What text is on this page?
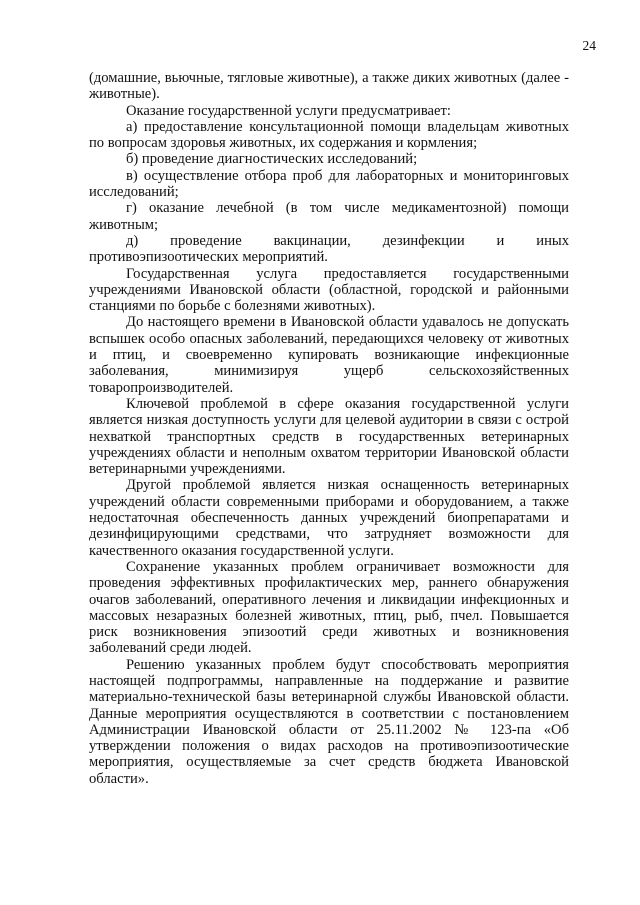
24

(домашние, вьючные, тягловые животные), а также диких животных (далее - животные).

Оказание государственной услуги предусматривает:

а) предоставление консультационной помощи владельцам животных по вопросам здоровья животных, их содержания и кормления;

б) проведение диагностических исследований;

в) осуществление отбора проб для лабораторных и мониторинговых исследований;

г) оказание лечебной (в том числе медикаментозной) помощи животным;

д) проведение вакцинации, дезинфекции и иных противоэпизоотических мероприятий.

Государственная услуга предоставляется государственными учреждениями Ивановской области (областной, городской и районными станциями по борьбе с болезнями животных).

До настоящего времени в Ивановской области удавалось не допускать вспышек особо опасных заболеваний, передающихся человеку от животных и птиц, и своевременно купировать возникающие инфекционные заболевания, минимизируя ущерб сельскохозяйственных товаропроизводителей.

Ключевой проблемой в сфере оказания государственной услуги является низкая доступность услуги для целевой аудитории в связи с острой нехваткой транспортных средств в государственных ветеринарных учреждениях области и неполным охватом территории Ивановской области ветеринарными учреждениями.

Другой проблемой является низкая оснащенность ветеринарных учреждений области современными приборами и оборудованием, а также недостаточная обеспеченность данных учреждений биопрепаратами и дезинфицирующими средствами, что затрудняет возможности для качественного оказания государственной услуги.

Сохранение указанных проблем ограничивает возможности для проведения эффективных профилактических мер, раннего обнаружения очагов заболеваний, оперативного лечения и ликвидации инфекционных и массовых незаразных болезней животных, птиц, рыб, пчел. Повышается риск возникновения эпизоотий среди животных и возникновения заболеваний среди людей.

Решению указанных проблем будут способствовать мероприятия настоящей подпрограммы, направленные на поддержание и развитие материально-технической базы ветеринарной службы Ивановской области. Данные мероприятия осуществляются в соответствии с постановлением Администрации Ивановской области от 25.11.2002 № 123-па «Об утверждении положения о видах расходов на противоэпизоотические мероприятия, осуществляемые за счет средств бюджета Ивановской области».
